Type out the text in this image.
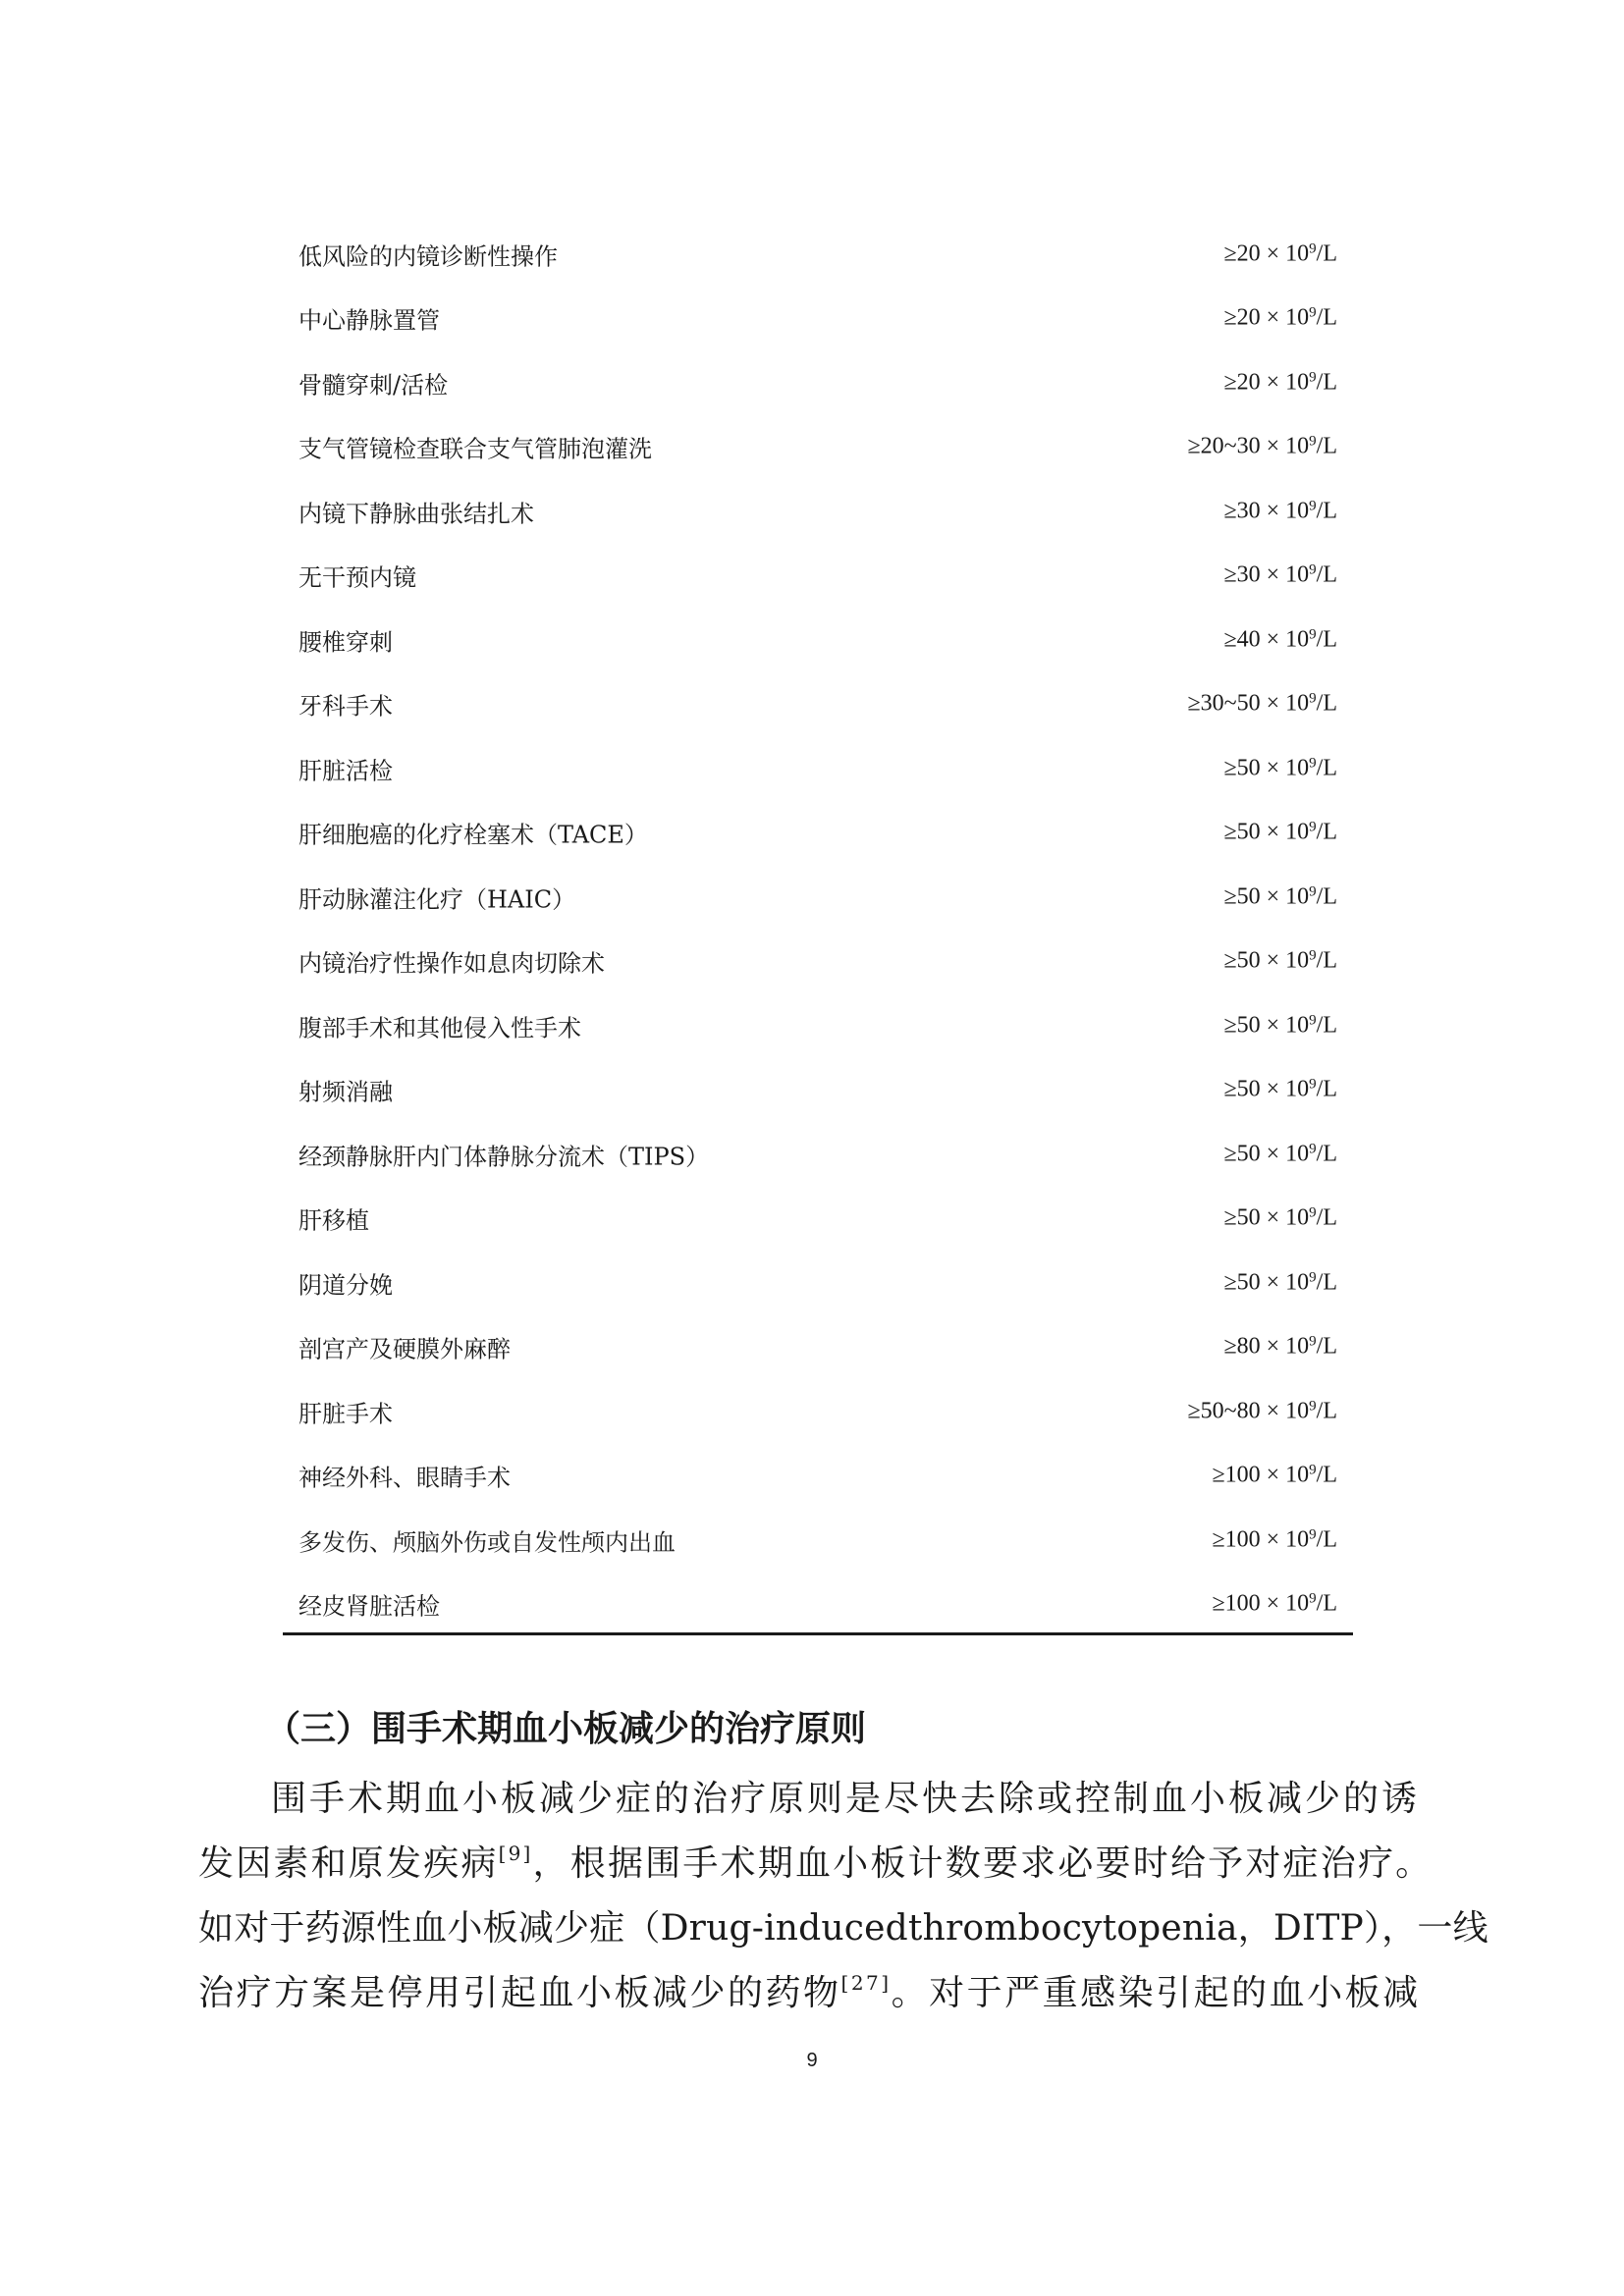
低风险的内镜诊断性操作	$\ge 20 \times 10^9/L$
中心静脉置管	$\ge 20 \times 10^9/L$
骨髓穿刺/活检	$\ge 20 \times 10^9/L$
支气管镜检查联合支气管肺泡灌洗	≥20~30 × $10^9/L$
内镜下静脉曲张结扎术	$\ge 30 \times 10^9/L$
无干预内镜	$\ge 30 \times 10^9/L$
腰椎穿刺	$\ge 40 \times 10^9/L$
牙科手术	≥30~50 × $10^9/L$
肝脏活检	$\ge 50 \times 10^9/L$
肝细胞癌的化疗栓塞术（TACE）	$\ge 50 \times 10^9/L$
肝动脉灌注化疗（HAIC）	$\ge 50 \times 10^9/L$
内镜治疗性操作如息肉切除术	$\ge 50 \times 10^9/L$
腹部手术和其他侵入性手术	$\ge 50 \times 10^9/L$
射频消融	$\ge 50 \times 10^9/L$
经颈静脉肝内门体静脉分流术（TIPS）	$\ge 50 \times 10^9/L$
肝移植	$\ge 50 \times 10^9/L$
阴道分娩	$\ge 50 \times 10^9/L$
剖宫产及硬膜外麻醉	$\ge 80 \times 10^9/L$
肝脏手术	≥50~80 × $10^9/L$
神经外科、眼睛手术	$\ge 100 \times 10^9/L$
多发伤、颅脑外伤或自发性颅内出血	$\ge 100 \times 10^9/L$
经皮肾脏活检	$\ge 100 \times 10^9/L$
（三）围手术期血小板减少的治疗原则
围手术期血小板减少症的治疗原则是尽快去除或控制血小板减少的诱
发因素和原发疾病[9]，根据围手术期血小板计数要求必要时给予对症治疗。
如对于药源性血小板减少症（Drug-inducedthrombocytopenia，DITP），一线
治疗方案是停用引起血小板减少的药物[27]。对于严重感染引起的血小板减
9
